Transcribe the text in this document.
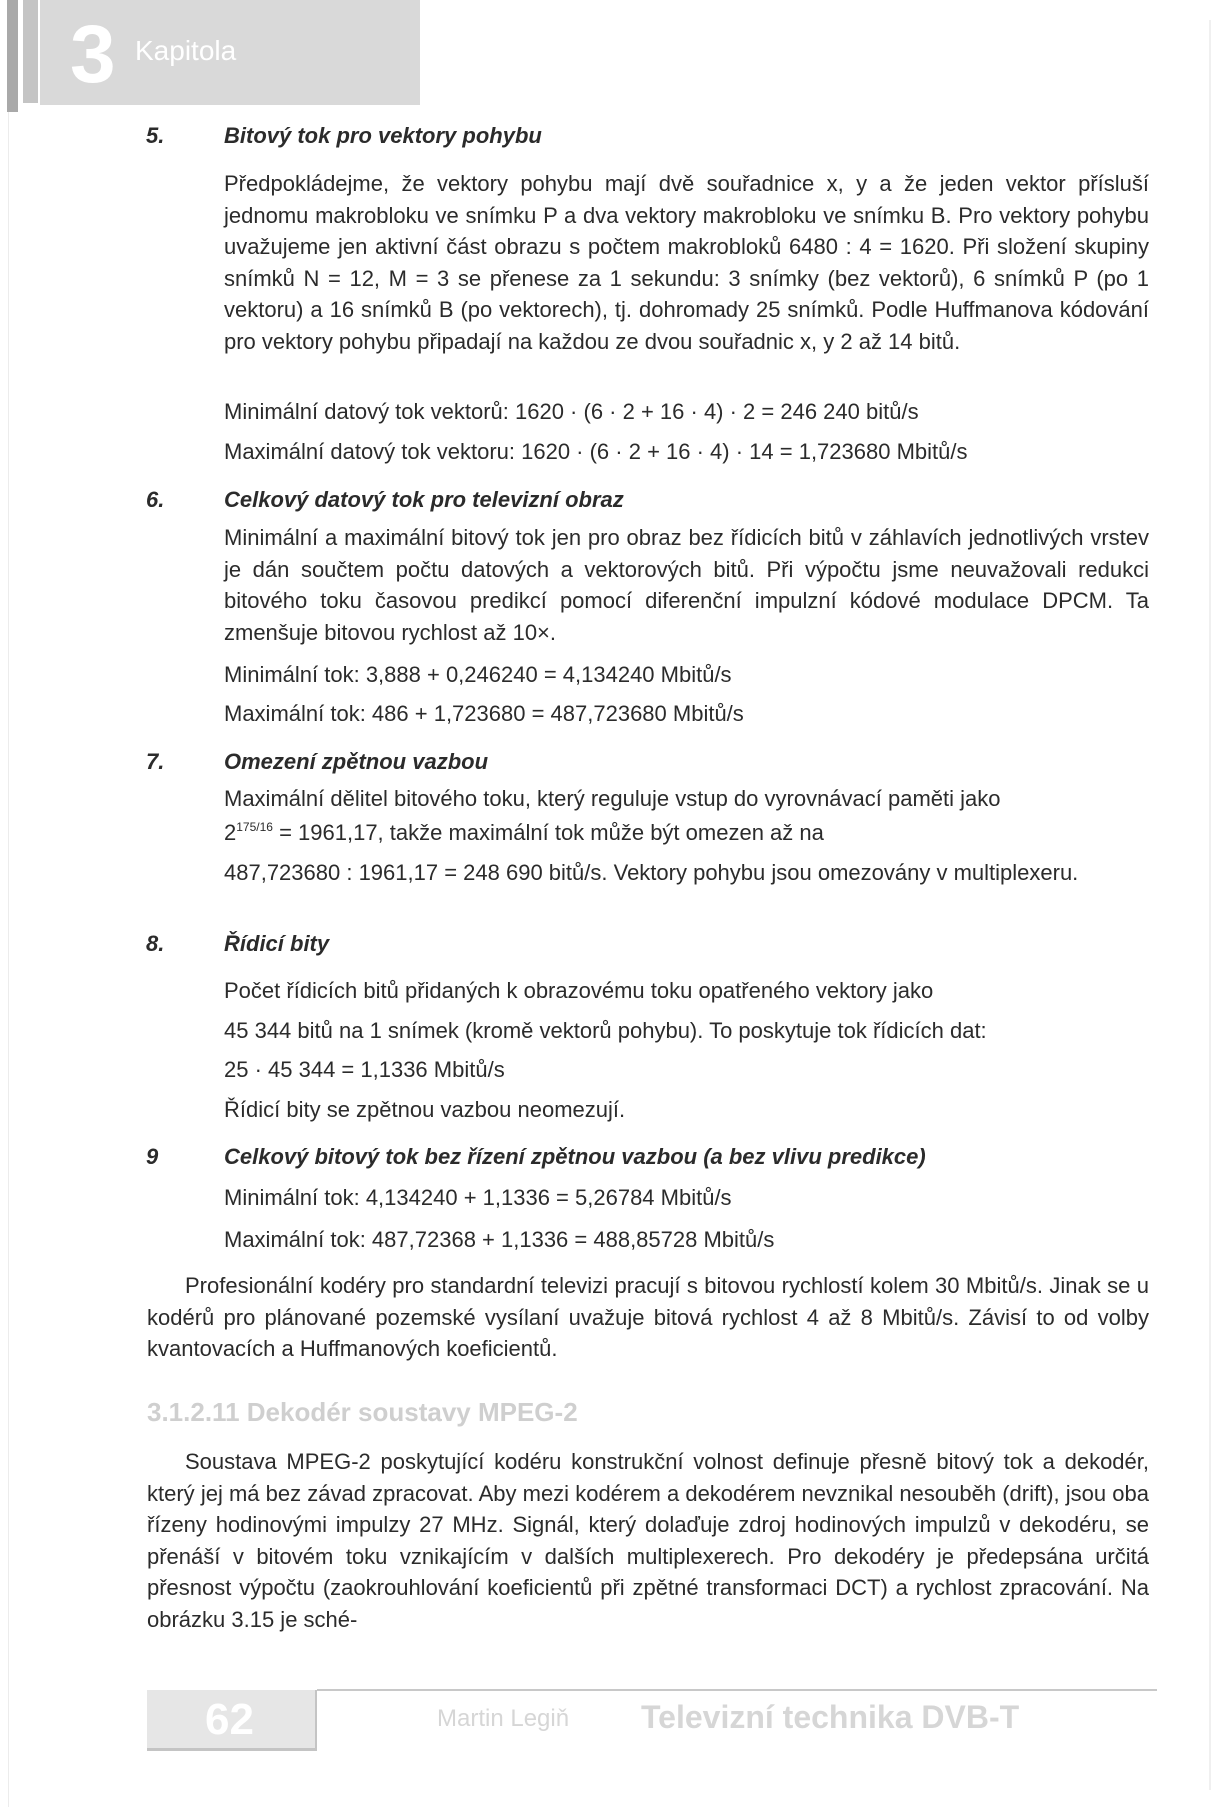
3 Kapitola
5.	Bitový tok pro vektory pohybu
Předpokládejme, že vektory pohybu mají dvě souřadnice x, y a že jeden vektor přísluší jednomu makrobloku ve snímku P a dva vektory makrobloku ve snímku B. Pro vektory pohybu uvažujeme jen aktivní část obrazu s počtem makrobloků 6480 : 4 = 1620. Při složení skupiny snímků N = 12, M = 3 se přenese za 1 sekundu: 3 snímky (bez vektorů), 6 snímků P (po 1 vektoru) a 16 snímků B (po vektorech), tj. dohromady 25 snímků. Podle Huffmanova kódování pro vektory pohybu připadají na každou ze dvou souřadnic x, y 2 až 14 bitů.
Minimální datový tok vektorů: 1620 · (6 · 2 + 16 · 4) · 2 = 246 240 bitů/s
Maximální datový tok vektoru: 1620 · (6 · 2 + 16 · 4) · 14 = 1,723680 Mbitů/s
6.	Celkový datový tok pro televizní obraz
Minimální a maximální bitový tok jen pro obraz bez řídicích bitů v záhlavích jednotlivých vrstev je dán součtem počtu datových a vektorových bitů. Při výpočtu jsme neuvažovali redukci bitového toku časovou predikcí pomocí diferenční impulzní kódové modulace DPCM. Ta zmenšuje bitovou rychlost až 10×.
Minimální tok: 3,888 + 0,246240 = 4,134240 Mbitů/s
Maximální tok: 486 + 1,723680 = 487,723680 Mbitů/s
7.	Omezení zpětnou vazbou
Maximální dělitel bitového toku, který reguluje vstup do vyrovnávací paměti jako
$2^{175/16} = 1961,17$, takže maximální tok může být omezen až na
487,723680 : 1961,17 = 248 690 bitů/s. Vektory pohybu jsou omezovány v multiplexeru.
8.	Řídicí bity
Počet řídicích bitů přidaných k obrazovému toku opatřeného vektory jako
45 344 bitů na 1 snímek (kromě vektorů pohybu). To poskytuje tok řídicích dat:
25 · 45 344 = 1,1336 Mbitů/s
Řídicí bity se zpětnou vazbou neomezují.
9	Celkový bitový tok bez řízení zpětnou vazbou (a bez vlivu predikce)
Minimální tok: 4,134240 + 1,1336 = 5,26784 Mbitů/s
Maximální tok: 487,72368 + 1,1336 = 488,85728 Mbitů/s
Profesionální kodéry pro standardní televizi pracují s bitovou rychlostí kolem 30 Mbitů/s. Jinak se u kodérů pro plánované pozemské vysílaní uvažuje bitová rychlost 4 až 8 Mbitů/s. Závisí to od volby kvantovacích a Huffmanových koeficientů.
3.1.2.11 Dekodér soustavy MPEG-2
Soustava MPEG-2 poskytující kodéru konstrukční volnost definuje přesně bitový tok a dekodér, který jej má bez závad zpracovat. Aby mezi kodérem a dekodérem nevznikal nesouběh (drift), jsou oba řízeny hodinovými impulzy 27 MHz. Signál, který dolaďuje zdroj hodinových impulzů v dekodéru, se přenáší v bitovém toku vznikajícím v dalších multiplexerech. Pro dekodéry je předepsána určitá přesnost výpočtu (zaokrouhlování koeficientů při zpětné transformaci DCT) a rychlost zpracování. Na obrázku 3.15 je sché-
62	Martin Legiň Televizní technika DVB-T
